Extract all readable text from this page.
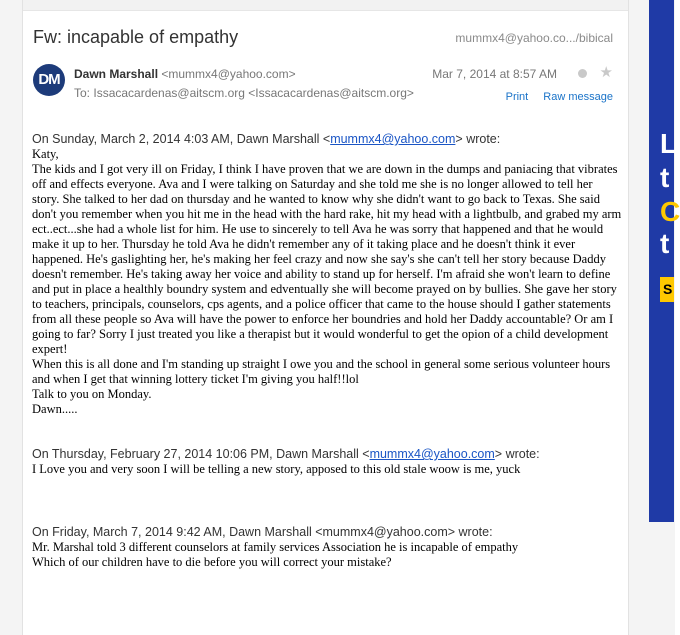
L
t
C
t
S
Fw: incapable of empathy	mummx4@yahoo.co.../bibical
DM	Dawn Marshall <mummx4@yahoo.com>
To: Issacacardenas@aitscm.org <Issacacardenas@aitscm.org>
Mar 7, 2014 at 8:57 AM	★
Print Raw message
On Sunday, March 2, 2014 4:03 AM, Dawn Marshall <mummx4@yahoo.com> wrote:

Katy,

The kids and I got very ill on Friday, I think I have proven that we are down in the dumps and paniacing that vibrates off and effects everyone. Ava and I were talking on Saturday and she told me she is no longer allowed to tell her story. She talked to her dad on thursday and he wanted to know why she didn't want to go back to Texas. She said don't you remember when you hit me in the head with the hard rake, hit my head with a lightbulb, and grabed my arm ect..ect...she had a whole list for him. He use to sincerely to tell Ava he was sorry that happened and that he would make it up to her. Thursday he told Ava he didn't remember any of it taking place and he doesn't think it ever happened. He's gaslighting her, he's making her feel crazy and now she say's she can't tell her story because Daddy doesn't remember. He's taking away her voice and ability to stand up for herself. I'm afraid she won't learn to define and put in place a healthly boundry system and edventually she will become prayed on by bullies. She gave her story to teachers, principals, counselors, cps agents, and a police officer that came to the house should I gather statements from all these people so Ava will have the power to enforce her boundries and hold her Daddy accountable? Or am I going to far? Sorry I just treated you like a therapist but it would wonderful to get the opion of a child development expert!

When this is all done and I'm standing up straight I owe you and the school in general some serious volunteer hours and when I get that winning lottery ticket I'm giving you half!!lol

Talk to you on Monday.

Dawn.....

On Thursday, February 27, 2014 10:06 PM, Dawn Marshall <mummx4@yahoo.com> wrote:

I Love you and very soon I will be telling a new story, apposed to this old stale woow is me, yuck

On Friday, March 7, 2014 9:42 AM, Dawn Marshall <mummx4@yahoo.com> wrote:

Mr. Marshal told 3 different counselors at family services Association he is incapable of empathy

Which of our children have to die before you will correct your mistake?
